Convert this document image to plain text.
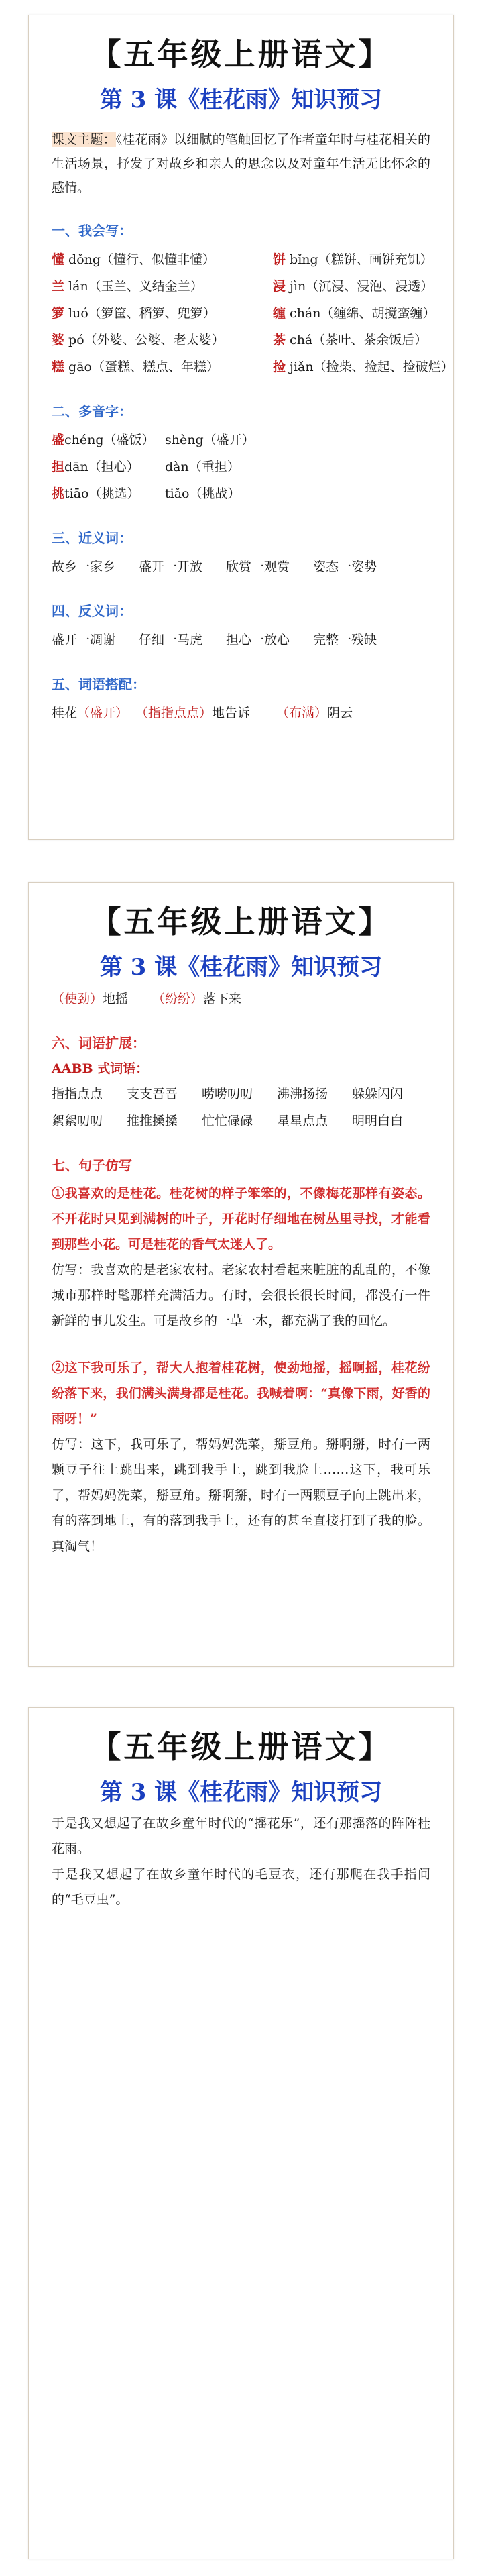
【五年级上册语文】
第 3 课《桂花雨》知识预习
课文主题：《桂花雨》以细腻的笔触回忆了作者童年时与桂花相关的生活场景，抒发了对故乡和亲人的思念以及对童年生活无比怀念的感情。
一、我会写：
懂 dǒng（懂行、似懂非懂）
兰 lán（玉兰、义结金兰）
箩 luó（箩筐、稻箩、兜箩）
婆 pó（外婆、公婆、老太婆）
糕 gāo（蛋糕、糕点、年糕）
饼 bǐng（糕饼、画饼充饥）
浸 jìn（沉浸、浸泡、浸透）
缠 chán（缠绵、胡搅蛮缠）
茶 chá（茶叶、茶余饭后）
捡 jiǎn（捡柴、捡起、捡破烂）
二、多音字：
盛chéng（盛饭） shèng（盛开）
担dān（担心） dàn（重担）
挑tiāo（挑选） tiǎo（挑战）
三、近义词：
故乡一家乡 盛开一开放 欣赏一观赏 姿态一姿势
四、反义词：
盛开一凋谢 仔细一马虎 担心一放心 完整一残缺
五、词语搭配：
桂花（盛开） （指指点点）地告诉 （布满）阴云
【五年级上册语文】
第 3 课《桂花雨》知识预习
（使劲）地摇 （纷纷）落下来
六、词语扩展：
AABB 式词语：
指指点点 支支吾吾 唠唠叨叨 沸沸扬扬 躲躲闪闪
絮絮叨叨 推推搡搡 忙忙碌碌 星星点点 明明白白
七、句子仿写
①我喜欢的是桂花。桂花树的样子笨笨的，不像梅花那样有姿态。不开花时只见到满树的叶子，开花时仔细地在树丛里寻找，才能看到那些小花。可是桂花的香气太迷人了。
仿写：我喜欢的是老家农村。老家农村看起来脏脏的乱乱的，不像城市那样时髦那样充满活力。有时，会很长很长时间，都没有一件新鲜的事儿发生。可是故乡的一草一木，都充满了我的回忆。
②这下我可乐了，帮大人抱着桂花树，使劲地摇，摇啊摇，桂花纷纷落下来，我们满头满身都是桂花。我喊着啊：“真像下雨，好香的雨呀！”
仿写：这下，我可乐了，帮妈妈洗菜，掰豆角。掰啊掰，时有一两颗豆子往上跳出来，跳到我手上，跳到我脸上……这下，我可乐了，帮妈妈洗菜，掰豆角。掰啊掰，时有一两颗豆子向上跳出来，有的落到地上，有的落到我手上，还有的甚至直接打到了我的脸。真淘气！
【五年级上册语文】
第 3 课《桂花雨》知识预习
于是我又想起了在故乡童年时代的“摇花乐”，还有那摇落的阵阵桂花雨。
于是我又想起了在故乡童年时代的毛豆衣，还有那爬在我手指间的“毛豆虫”。
